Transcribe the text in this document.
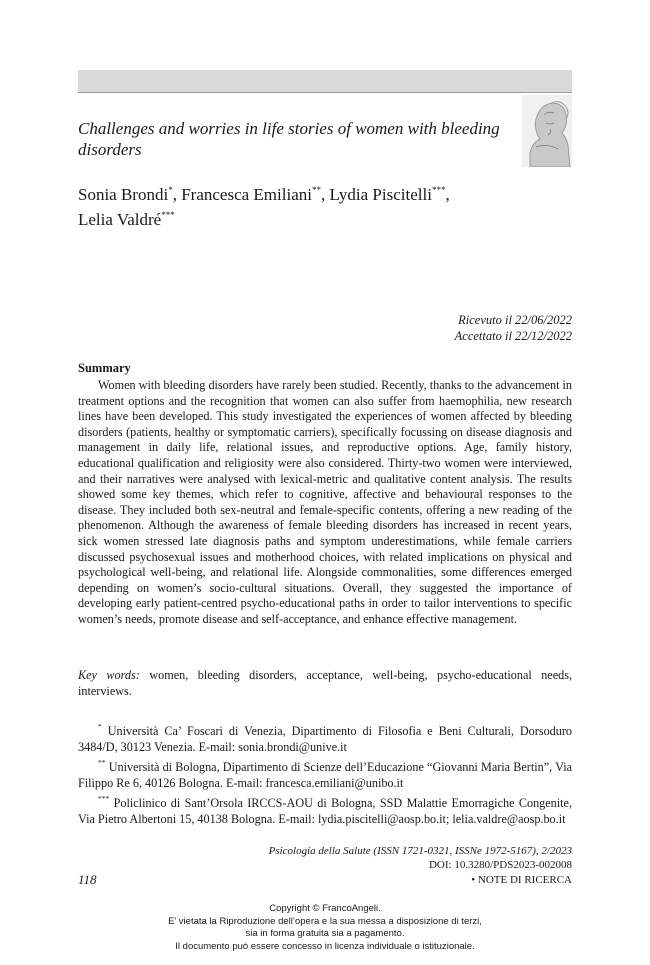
Challenges and worries in life stories of women with bleeding disorders
Sonia Brondi*, Francesca Emiliani**, Lydia Piscitelli***,
Lelia Valdré***
Ricevuto il 22/06/2022
Accettato il 22/12/2022
Summary

Women with bleeding disorders have rarely been studied. Recently, thanks to the advancement in treatment options and the recognition that women can also suffer from haemophilia, new research lines have been developed. This study investigated the experiences of women affected by bleeding disorders (patients, healthy or symptomatic carriers), specifically focussing on disease diagnosis and management in daily life, relational issues, and reproductive options. Age, family history, educational qualification and religiosity were also considered. Thirty-two women were interviewed, and their narratives were analysed with lexical-metric and qualitative content analysis. The results showed some key themes, which refer to cognitive, affective and behavioural responses to the disease. They included both sex-neutral and female-specific contents, offering a new reading of the phenomenon. Although the awareness of female bleeding disorders has increased in recent years, sick women stressed late diagnosis paths and symptom underestimations, while female carriers discussed psychosexual issues and motherhood choices, with related implications on physical and psychological well-being, and relational life. Alongside commonalities, some differences emerged depending on women’s socio-cultural situations. Overall, they suggested the importance of developing early patient-centred psycho-educational paths in order to tailor interventions to specific women’s needs, promote disease and self-acceptance, and enhance effective management.

Key words: women, bleeding disorders, acceptance, well-being, psycho-educational needs, interviews.

* Università Ca’ Foscari di Venezia, Dipartimento di Filosofia e Beni Culturali, Dorsoduro 3484/D, 30123 Venezia. E-mail: sonia.brondi@unive.it

** Università di Bologna, Dipartimento di Scienze dell’Educazione “Giovanni Maria Bertin”, Via Filippo Re 6, 40126 Bologna. E-mail: francesca.emiliani@unibo.it

*** Policlinico di Sant’Orsola IRCCS-AOU di Bologna, SSD Malattie Emorragiche Congenite, Via Pietro Albertoni 15, 40138 Bologna. E-mail: lydia.piscitelli@aosp.bo.it; lelia.valdre@aosp.bo.it

Psicologia della Salute (ISSN 1721-0321, ISSNe 1972-5167), 2/2023
DOI: 10.3280/PDS2023-002008
118	• NOTE DI RICERCA
Copyright © FrancoAngeli.
E’ vietata la Riproduzione dell’opera e la sua messa a disposizione di terzi,
sia in forma gratuita sia a pagamento.
Il documento può essere concesso in licenza individuale o istituzionale.
